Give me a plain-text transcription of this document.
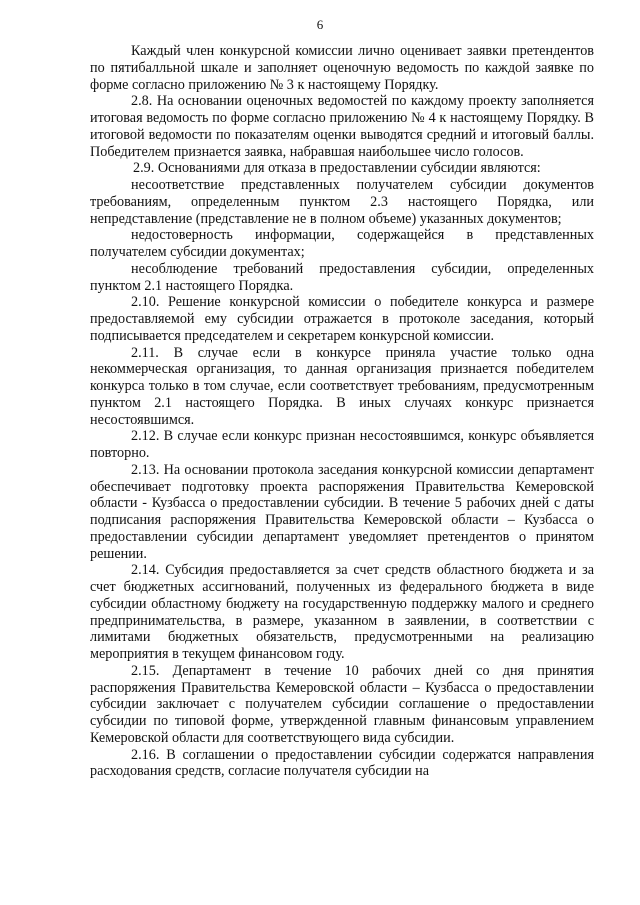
6

Каждый член конкурсной комиссии лично оценивает заявки претендентов по пятибалльной шкале и заполняет оценочную ведомость по каждой заявке по форме согласно приложению № 3 к настоящему Порядку.

2.8. На основании оценочных ведомостей по каждому проекту заполняется итоговая ведомость по форме согласно приложению № 4 к настоящему Порядку. В итоговой ведомости по показателям оценки выводятся средний и итоговый баллы. Победителем признается заявка, набравшая наибольшее число голосов.

2.9. Основаниями для отказа в предоставлении субсидии являются:

несоответствие представленных получателем субсидии документов требованиям, определенным пунктом 2.3 настоящего Порядка, или непредставление (представление не в полном объеме) указанных документов;

недостоверность информации, содержащейся в представленных получателем субсидии документах;

несоблюдение требований предоставления субсидии, определенных пунктом 2.1 настоящего Порядка.

2.10. Решение конкурсной комиссии о победителе конкурса и размере предоставляемой ему субсидии отражается в протоколе заседания, который подписывается председателем и секретарем конкурсной комиссии.

2.11. В случае если в конкурсе приняла участие только одна некоммерческая организация, то данная организация признается победителем конкурса только в том случае, если соответствует требованиям, предусмотренным пунктом 2.1 настоящего Порядка. В иных случаях конкурс признается несостоявшимся.

2.12. В случае если конкурс признан несостоявшимся, конкурс объявляется повторно.

2.13. На основании протокола заседания конкурсной комиссии департамент обеспечивает подготовку проекта распоряжения Правительства Кемеровской области - Кузбасса о предоставлении субсидии. В течение 5 рабочих дней с даты подписания распоряжения Правительства Кемеровской области – Кузбасса о предоставлении субсидии департамент уведомляет претендентов о принятом решении.

2.14. Субсидия предоставляется за счет средств областного бюджета и за счет бюджетных ассигнований, полученных из федерального бюджета в виде субсидии областному бюджету на государственную поддержку малого и среднего предпринимательства, в размере, указанном в заявлении, в соответствии с лимитами бюджетных обязательств, предусмотренными на реализацию мероприятия в текущем финансовом году.

2.15. Департамент в течение 10 рабочих дней со дня принятия распоряжения Правительства Кемеровской области – Кузбасса о предоставлении субсидии заключает с получателем субсидии соглашение о предоставлении субсидии по типовой форме, утвержденной главным финансовым управлением Кемеровской области для соответствующего вида субсидии.

2.16. В соглашении о предоставлении субсидии содержатся направления расходования средств, согласие получателя субсидии на
